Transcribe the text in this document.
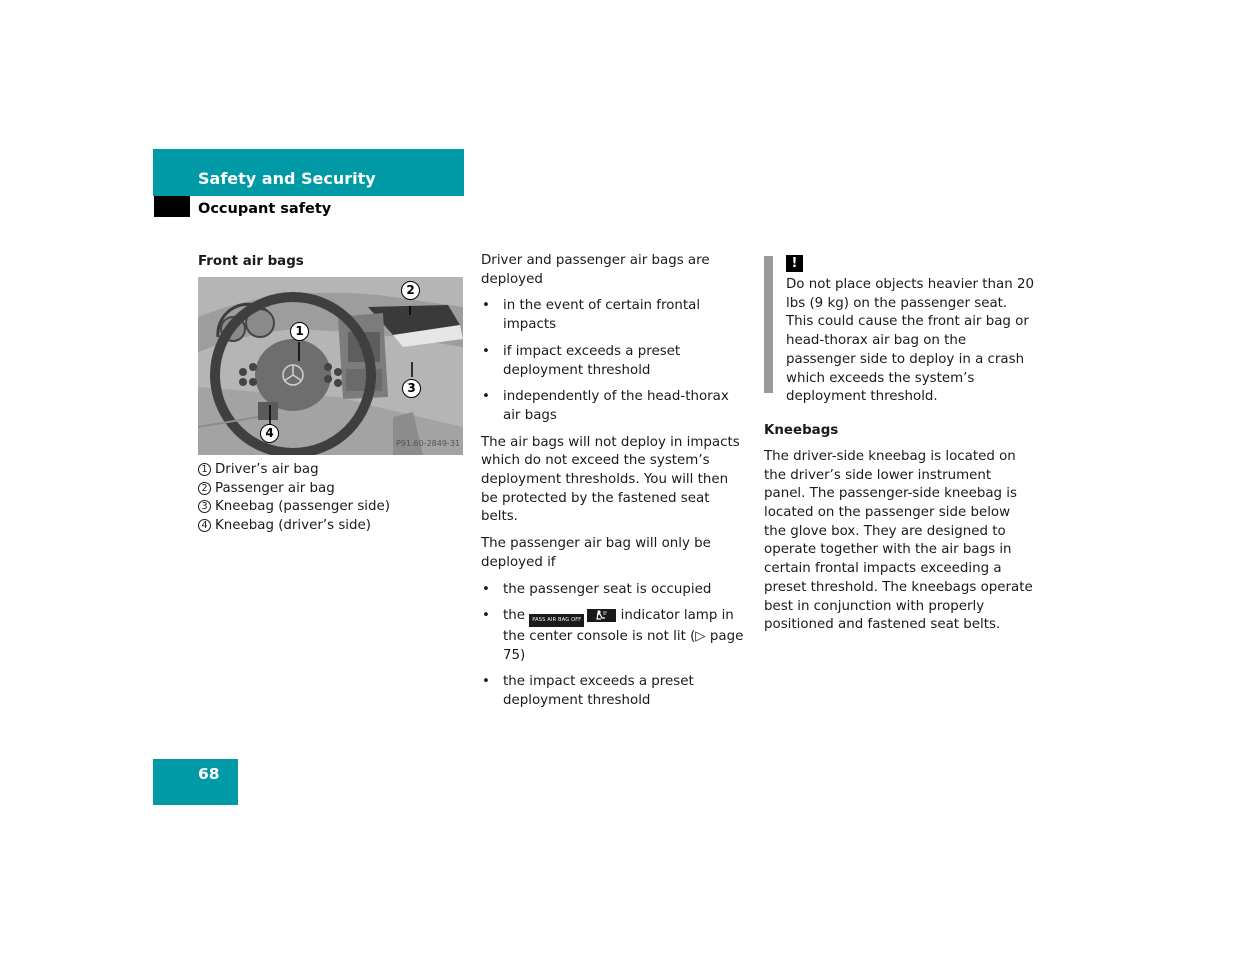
Safety and Security
Occupant safety
Front air bags
1
2
3
4
P91.60-2849-31
1 Driver’s air bag
2 Passenger air bag
3 Kneebag (passenger side)
4 Kneebag (driver’s side)

Driver and passenger air bags are deployed

• in the event of certain frontal impacts
• if impact exceeds a preset deployment threshold
• independently of the head-thorax air bags

The air bags will not deploy in impacts which do not exceed the system’s deployment thresholds. You will then be protected by the fastened seat belts.

The passenger air bag will only be deployed if

• the passenger seat is occupied
• the PASS AIR BAG OFF	indicator lamp in the center console is not lit (▷ page 75)
• the impact exceeds a preset deployment threshold
!

Do not place objects heavier than 20 lbs (9 kg) on the passenger seat. This could cause the front air bag or head-thorax air bag on the passenger side to deploy in a crash which exceeds the system’s deployment threshold.

Kneebags

The driver-side kneebag is located on the driver’s side lower instrument panel. The passenger-side kneebag is located on the passenger side below the glove box. They are designed to operate together with the air bags in certain frontal impacts exceeding a preset threshold. The kneebags operate best in conjunction with properly positioned and fastened seat belts.

68
